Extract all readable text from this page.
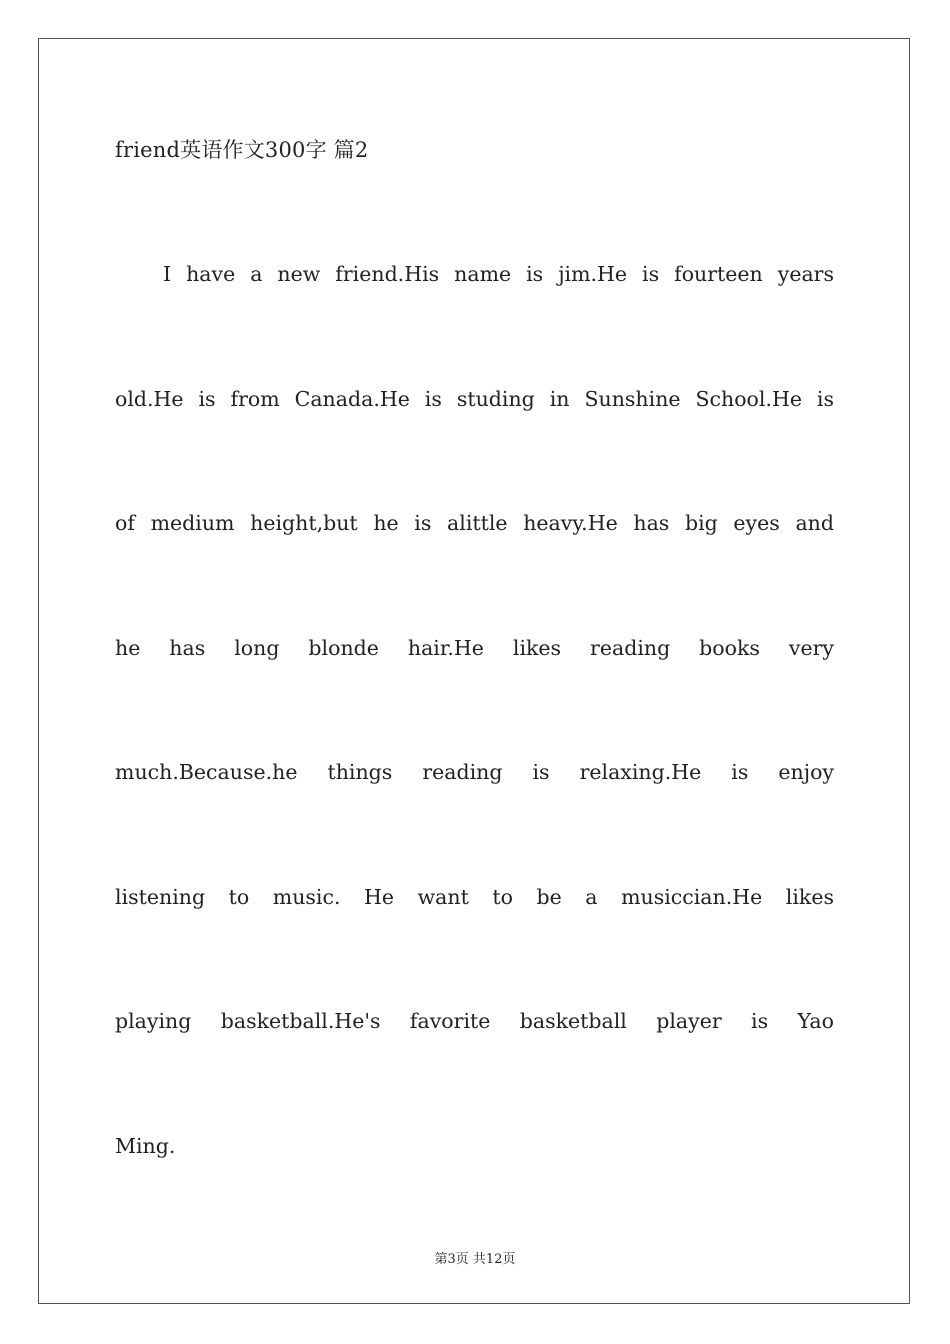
friend英语作文300字 篇2
I have a new friend.His name is jim.He is fourteen years
old.He is from Canada.He is studing in Sunshine School.He is
of medium height,but he is alittle heavy.He has big eyes and
he has long blonde hair.He likes reading books very
much.Because.he things reading is relaxing.He is enjoy
listening to music. He want to be a musiccian.He likes
playing basketball.He's favorite basketball player is Yao
Ming.
第3页 共12页
